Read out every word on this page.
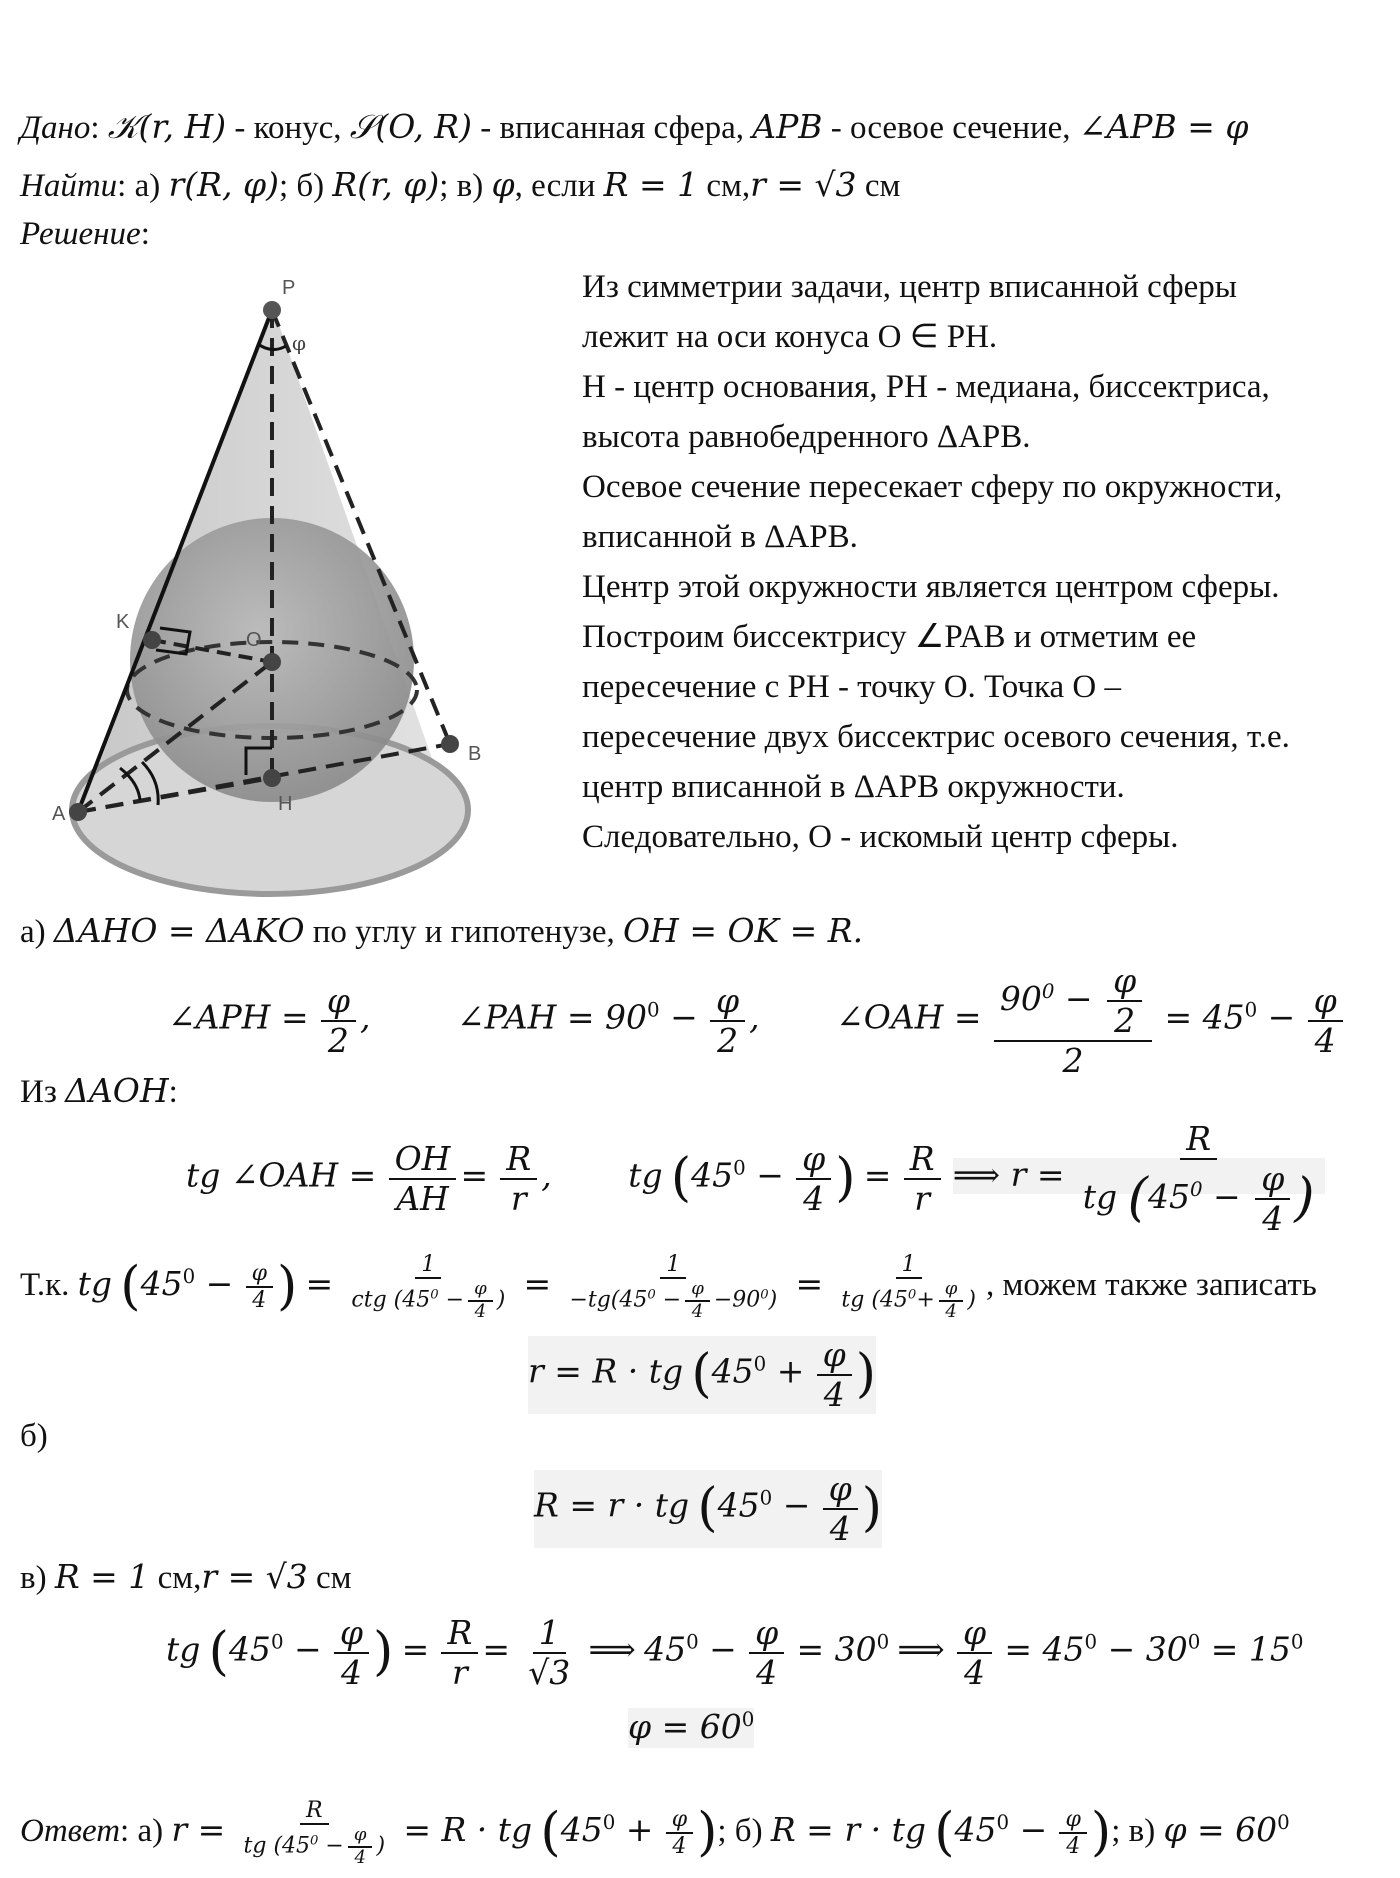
Дано: 𝒦(r, H) - конус, 𝒮(O, R) - вписанная сфера, APB - осевое сечение, ∠APB = φ
Найти: а) r(R, φ); б) R(r, φ); в) φ, если R = 1 см,r = √3 см
Решение:
P
φ
K
O
A	H
B
Из симметрии задачи, центр вписанной сферы
лежит на оси конуса O ∈ PH.
H - центр основания, PH - медиана, биссектриса,
высота равнобедренного ΔAPB.
Осевое сечение пересекает сферу по окружности,
вписанной в ΔAPB.
Центр этой окружности является центром сферы.
Построим биссектрису ∠PAB и отметим ее
пересечение с PH - точку O. Точка O –
пересечение двух биссектрис осевого сечения, т.е.
центр вписанной в ΔAPB окружности.
Следовательно, O - искомый центр сферы.
а) ΔAHO = ΔAKO по углу и гипотенузе, OH = OK = R.
∠APH = $\frac{\varphi}{2}$ ,	∠PAH = $90^0 - \frac{\varphi}{2}$ , ∠OAH = $\frac{90^0 - \frac{\varphi}{2}}{2} = 45^0 - \frac{\varphi}{4}$
Из ΔAOH:
tg ∠OAH = $\frac{OH}{AH} = \frac{R}{r}$ , tg ($45^0 - \frac{\varphi}{4}$ ) = $\frac{R}{r}$ ⟹ $r = \frac{R}{tg (45^0 - \frac{\varphi}{4} )}$
Т.к. tg ($45^0 - \frac{\varphi}{4}$ ) = $\frac{1}{ctg (45^0 - \frac{\varphi}{4} )} = \frac{1}{-tg(45^0 - \frac{\varphi}{4} -90^0)} = \frac{1}{tg (45^0+ \frac{\varphi}{4} )}$ , можем также записать
r = R · tg ($45^0 + \frac{\varphi}{4}$ )
б)
R = r · tg ($45^0 - \frac{\varphi}{4}$ )
в) R = 1 см,r = √3 см
tg ($45^0 - \frac{\varphi}{4}$ ) = $\frac{R}{r} = \frac{1}{√3}$ ⟹ $45^0 - \frac{\varphi}{4} = 30^0$ ⟹ $\frac{\varphi}{4} = 45^0 - 30^0 = 15^0$
$\varphi = 60^0$
Ответ: а) $r = \frac{R}{tg (45^0 - \frac{\varphi}{4} )} = R$ · tg ($45^0 + \frac{\varphi}{4}$ ); б) R = r · tg ($45^0 - \frac{\varphi}{4}$ ); в) $\varphi = 60^0$
